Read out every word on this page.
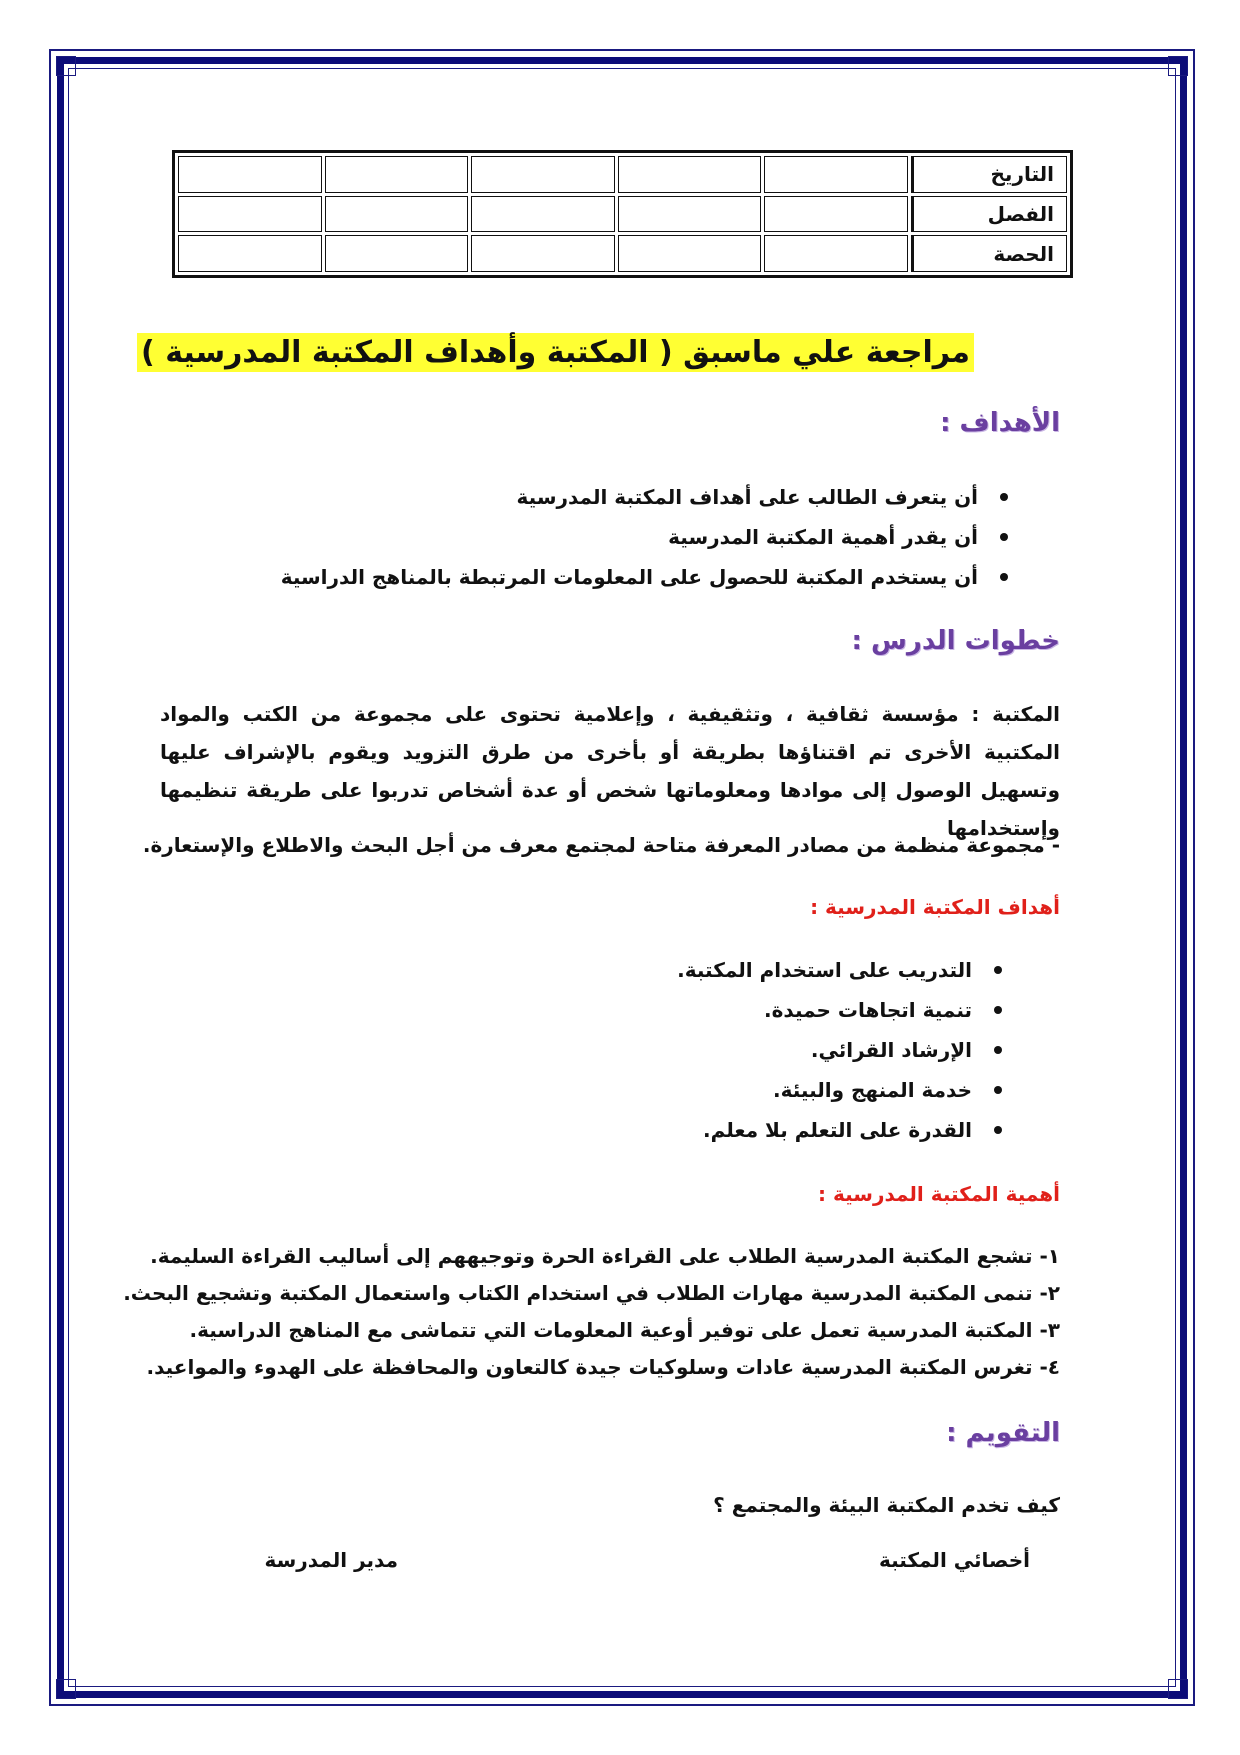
التاريخ					
الفصل					
الحصة					
مراجعة علي ماسبق ( المكتبة وأهداف المكتبة المدرسية )
الأهداف :
أن يتعرف الطالب على أهداف المكتبة المدرسية
أن يقدر أهمية المكتبة المدرسية
أن يستخدم المكتبة للحصول على المعلومات المرتبطة بالمناهج الدراسية
خطوات الدرس :
المكتبة : مؤسسة ثقافية ، وتثقيفية ، وإعلامية تحتوى على مجموعة من الكتب والمواد المكتبية الأخرى تم اقتناؤها بطريقة أو بأخرى من طرق التزويد ويقوم بالإشراف عليها وتسهيل الوصول إلى موادها ومعلوماتها شخص أو عدة أشخاص تدربوا على طريقة تنظيمها وإستخدامها
- مجموعة منظمة من مصادر المعرفة متاحة لمجتمع معرف من أجل البحث والاطلاع والإستعارة.
أهداف المكتبة المدرسية :
التدريب على استخدام المكتبة.
تنمية اتجاهات حميدة.
الإرشاد القرائي.
خدمة المنهج والبيئة.
القدرة على التعلم بلا معلم.
أهمية المكتبة المدرسية :
١- تشجع المكتبة المدرسية الطلاب على القراءة الحرة وتوجيههم إلى أساليب القراءة السليمة.
٢- تنمى المكتبة المدرسية مهارات الطلاب في استخدام الكتاب واستعمال المكتبة وتشجيع البحث.
٣- المكتبة المدرسية تعمل على توفير أوعية المعلومات التي تتماشى مع المناهج الدراسية.
٤- تغرس المكتبة المدرسية عادات وسلوكيات جيدة كالتعاون والمحافظة على الهدوء والمواعيد.
التقويم :
كيف تخدم المكتبة البيئة والمجتمع ؟
أخصائي المكتبة
مدير المدرسة
